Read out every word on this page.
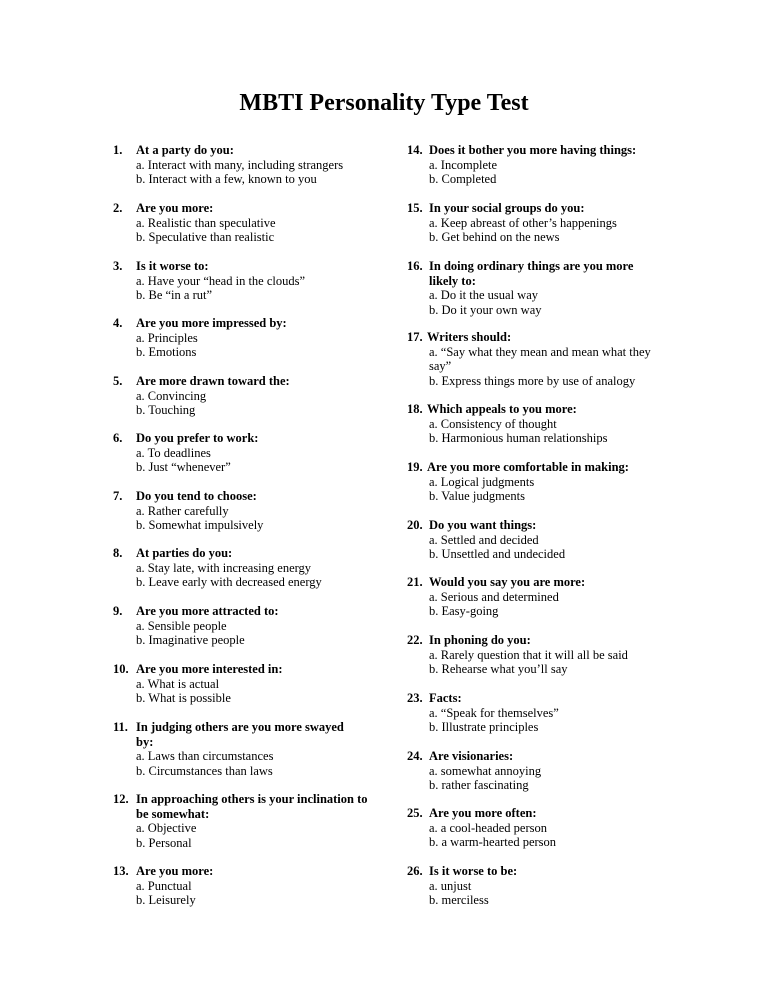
MBTI Personality Type Test
1. At a party do you:
a. Interact with many, including strangers
b. Interact with a few, known to you
2. Are you more:
a. Realistic than speculative
b. Speculative than realistic
3. Is it worse to:
a. Have your “head in the clouds”
b. Be “in a rut”
4. Are you more impressed by:
a. Principles
b. Emotions
5. Are more drawn toward the:
a. Convincing
b. Touching
6. Do you prefer to work:
a. To deadlines
b. Just “whenever”
7. Do you tend to choose:
a. Rather carefully
b. Somewhat impulsively
8. At parties do you:
a. Stay late, with increasing energy
b. Leave early with decreased energy
9. Are you more attracted to:
a. Sensible people
b. Imaginative people
10. Are you more interested in:
a. What is actual
b. What is possible
11. In judging others are you more swayed by:
a. Laws than circumstances
b. Circumstances than laws
12. In approaching others is your inclination to be somewhat:
a. Objective
b. Personal
13. Are you more:
a. Punctual
b. Leisurely
14. Does it bother you more having things:
a. Incomplete
b. Completed
15. In your social groups do you:
a. Keep abreast of other’s happenings
b. Get behind on the news
16. In doing ordinary things are you more likely to:
a. Do it the usual way
b. Do it your own way
17. Writers should:
a. “Say what they mean and mean what they say”
b. Express things more by use of analogy
18. Which appeals to you more:
a. Consistency of thought
b. Harmonious human relationships
19. Are you more comfortable in making:
a. Logical judgments
b. Value judgments
20. Do you want things:
a. Settled and decided
b. Unsettled and undecided
21. Would you say you are more:
a. Serious and determined
b. Easy-going
22. In phoning do you:
a. Rarely question that it will all be said
b. Rehearse what you’ll say
23. Facts:
a. “Speak for themselves”
b. Illustrate principles
24. Are visionaries:
a. somewhat annoying
b. rather fascinating
25. Are you more often:
a. a cool-headed person
b. a warm-hearted person
26. Is it worse to be:
a. unjust
b. merciless
